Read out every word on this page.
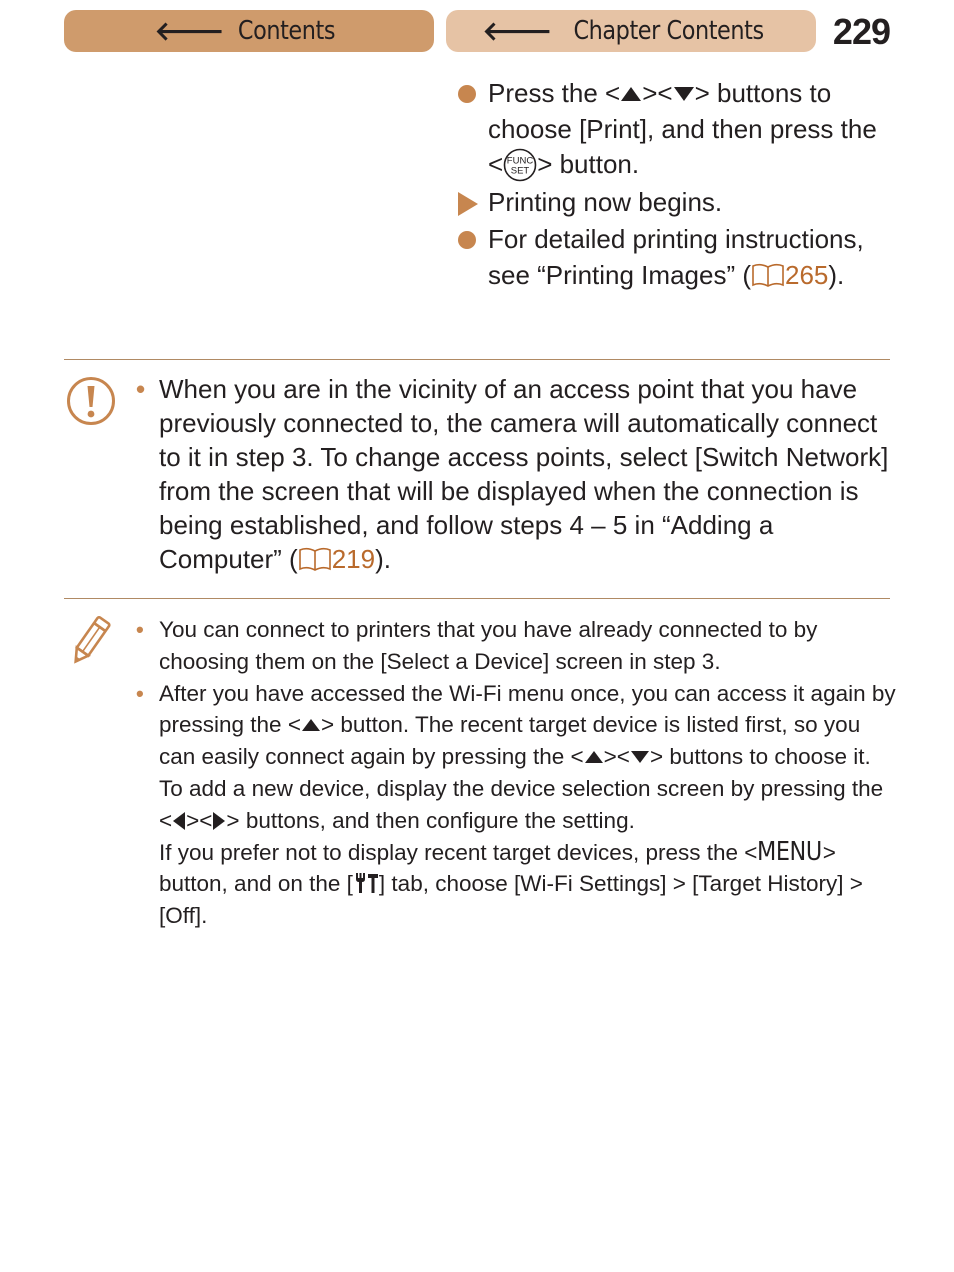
🡐 Contents	🡐 Chapter Contents 229
Press the < >< > buttons to choose [Print], and then press the < FUNC
SET > button.
Printing now begins.
For detailed printing instructions, see “Printing Images” ( 265).
• When you are in the vicinity of an access point that you have previously connected to, the camera will automatically connect to it in step 3. To change access points, select [Switch Network] from the screen that will be displayed when the connection is being established, and follow steps 4 – 5 in “Adding a Computer” ( 219).
• You can connect to printers that you have already connected to by choosing them on the [Select a Device] screen in step 3.
• After you have accessed the Wi-Fi menu once, you can access it again by pressing the < > button. The recent target device is listed first, so you can easily connect again by pressing the < >< > buttons to choose it. To add a new device, display the device selection screen by pressing the < >< > buttons, and then configure the setting.
If you prefer not to display recent target devices, press the <MENU> button, and on the [ ] tab, choose [Wi-Fi Settings] > [Target History] > [Off].
